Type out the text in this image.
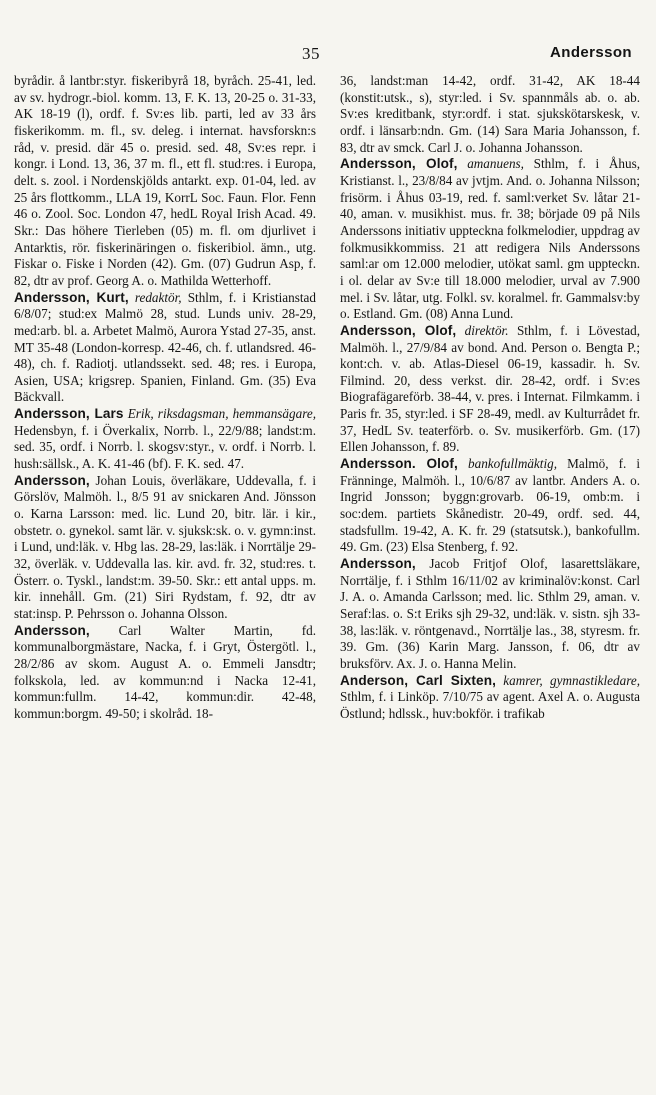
35	Andersson

byrådir. å lantbr:styr. fiskeribyrå 18, byråch. 25-41, led. av sv. hydrogr.-biol. komm. 13, F. K. 13, 20-25 o. 31-33, AK 18-19 (l), ordf. f. Sv:es lib. parti, led av 33 års fiskerikomm. m. fl., sv. deleg. i internat. havsforskn:s råd, v. presid. där 45 o. presid. sed. 48, Sv:es repr. i kongr. i Lond. 13, 36, 37 m. fl., ett fl. stud:res. i Europa, delt. s. zool. i Nordenskjölds antarkt. exp. 01-04, led. av 25 års flottkomm., LLA 19, KorrL Soc. Faun. Flor. Fenn 46 o. Zool. Soc. London 47, hedL Royal Irish Acad. 49. Skr.: Das höhere Tierleben (05) m. fl. om djurlivet i Antarktis, rör. fiskerinäringen o. fiskeribiol. ämn., utg. Fiskar o. Fiske i Norden (42). Gm. (07) Gudrun Asp, f. 82, dtr av prof. Georg A. o. Mathilda Wetterhoff.

Andersson, Kurt, redaktör, Sthlm, f. i Kristianstad 6/8/07; stud:ex Malmö 28, stud. Lunds univ. 28-29, med:arb. bl. a. Arbetet Malmö, Aurora Ystad 27-35, anst. MT 35-48 (London-korresp. 42-46, ch. f. utlandsred. 46-48), ch. f. Radiotj. utlandssekt. sed. 48; res. i Europa, Asien, USA; krigsrep. Spanien, Finland. Gm. (35) Eva Bäckvall.

Andersson, Lars Erik, riksdagsman, hemmansägare, Hedensbyn, f. i Överkalix, Norrb. l., 22/9/88; landst:m. sed. 35, ordf. i Norrb. l. skogsv:styr., v. ordf. i Norrb. l. hush:sällsk., A. K. 41-46 (bf). F. K. sed. 47.

Andersson, Johan Louis, överläkare, Uddevalla, f. i Görslöv, Malmöh. l., 8/5 91 av snickaren And. Jönsson o. Karna Larsson: med. lic. Lund 20, bitr. lär. i kir., obstetr. o. gynekol. samt lär. v. sjuksk:sk. o. v. gymn:inst. i Lund, und:läk. v. Hbg las. 28-29, las:läk. i Norrtälje 29-32, överläk. v. Uddevalla las. kir. avd. fr. 32, stud:res. t. Österr. o. Tyskl., landst:m. 39-50. Skr.: ett antal upps. m. kir. innehåll. Gm. (21) Siri Rydstam, f. 92, dtr av stat:insp. P. Pehrsson o. Johanna Olsson.

Andersson, Carl Walter Martin, fd. kommunalborgmästare, Nacka, f. i Gryt, Östergötl. l., 28/2/86 av skom. August A. o. Emmeli Jansdtr; folkskola, led. av kommun:nd i Nacka 12-41, kommun:fullm. 14-42, kommun:dir. 42-48, kommun:borgm. 49-50; i skolråd. 18-

36, landst:man 14-42, ordf. 31-42, AK 18-44 (konstit:utsk., s), styr:led. i Sv. spannmåls ab. o. ab. Sv:es kreditbank, styr:ordf. i stat. sjukskötarskesk, v. ordf. i länsarb:ndn. Gm. (14) Sara Maria Johansson, f. 83, dtr av smck. Carl J. o. Johanna Johansson.

Andersson, Olof, amanuens, Sthlm, f. i Åhus, Kristianst. l., 23/8/84 av jvtjm. And. o. Johanna Nilsson; frisörm. i Åhus 03-19, red. f. saml:verket Sv. låtar 21-40, aman. v. musikhist. mus. fr. 38; började 09 på Nils Anderssons initiativ uppteckna folkmelodier, uppdrag av folkmusikkommiss. 21 att redigera Nils Anderssons saml:ar om 12.000 melodier, utökat saml. gm uppteckn. i ol. delar av Sv:e till 18.000 melodier, urval av 7.900 mel. i Sv. låtar, utg. Folkl. sv. koralmel. fr. Gammalsv:by o. Estland. Gm. (08) Anna Lund.

Andersson, Olof, direktör. Sthlm, f. i Lövestad, Malmöh. l., 27/9/84 av bond. And. Person o. Bengta P.; kont:ch. v. ab. Atlas-Diesel 06-19, kassadir. h. Sv. Filmind. 20, dess verkst. dir. 28-42, ordf. i Sv:es Biografägareförb. 38-44, v. pres. i Internat. Filmkamm. i Paris fr. 35, styr:led. i SF 28-49, medl. av Kulturrådet fr. 37, HedL Sv. teaterförb. o. Sv. musikerförb. Gm. (17) Ellen Johansson, f. 89.

Andersson. Olof, bankofullmäktig, Malmö, f. i Fränninge, Malmöh. l., 10/6/87 av lantbr. Anders A. o. Ingrid Jonsson; byggn:grovarb. 06-19, omb:m. i soc:dem. partiets Skånedistr. 20-49, ordf. sed. 44, stadsfullm. 19-42, A. K. fr. 29 (statsutsk.), bankofullm. 49. Gm. (23) Elsa Stenberg, f. 92.

Andersson, Jacob Fritjof Olof, lasarettsläkare, Norrtälje, f. i Sthlm 16/11/02 av kriminalöv:konst. Carl J. A. o. Amanda Carlsson; med. lic. Sthlm 29, aman. v. Seraf:las. o. S:t Eriks sjh 29-32, und:läk. v. sistn. sjh 33-38, las:läk. v. röntgenavd., Norrtälje las., 38, styresm. fr. 39. Gm. (36) Karin Marg. Jansson, f. 06, dtr av bruksförv. Ax. J. o. Hanna Melin.

Anderson, Carl Sixten, kamrer, gymnastikledare, Sthlm, f. i Linköp. 7/10/75 av agent. Axel A. o. Augusta Östlund; hdlssk., huv:bokför. i trafikab
